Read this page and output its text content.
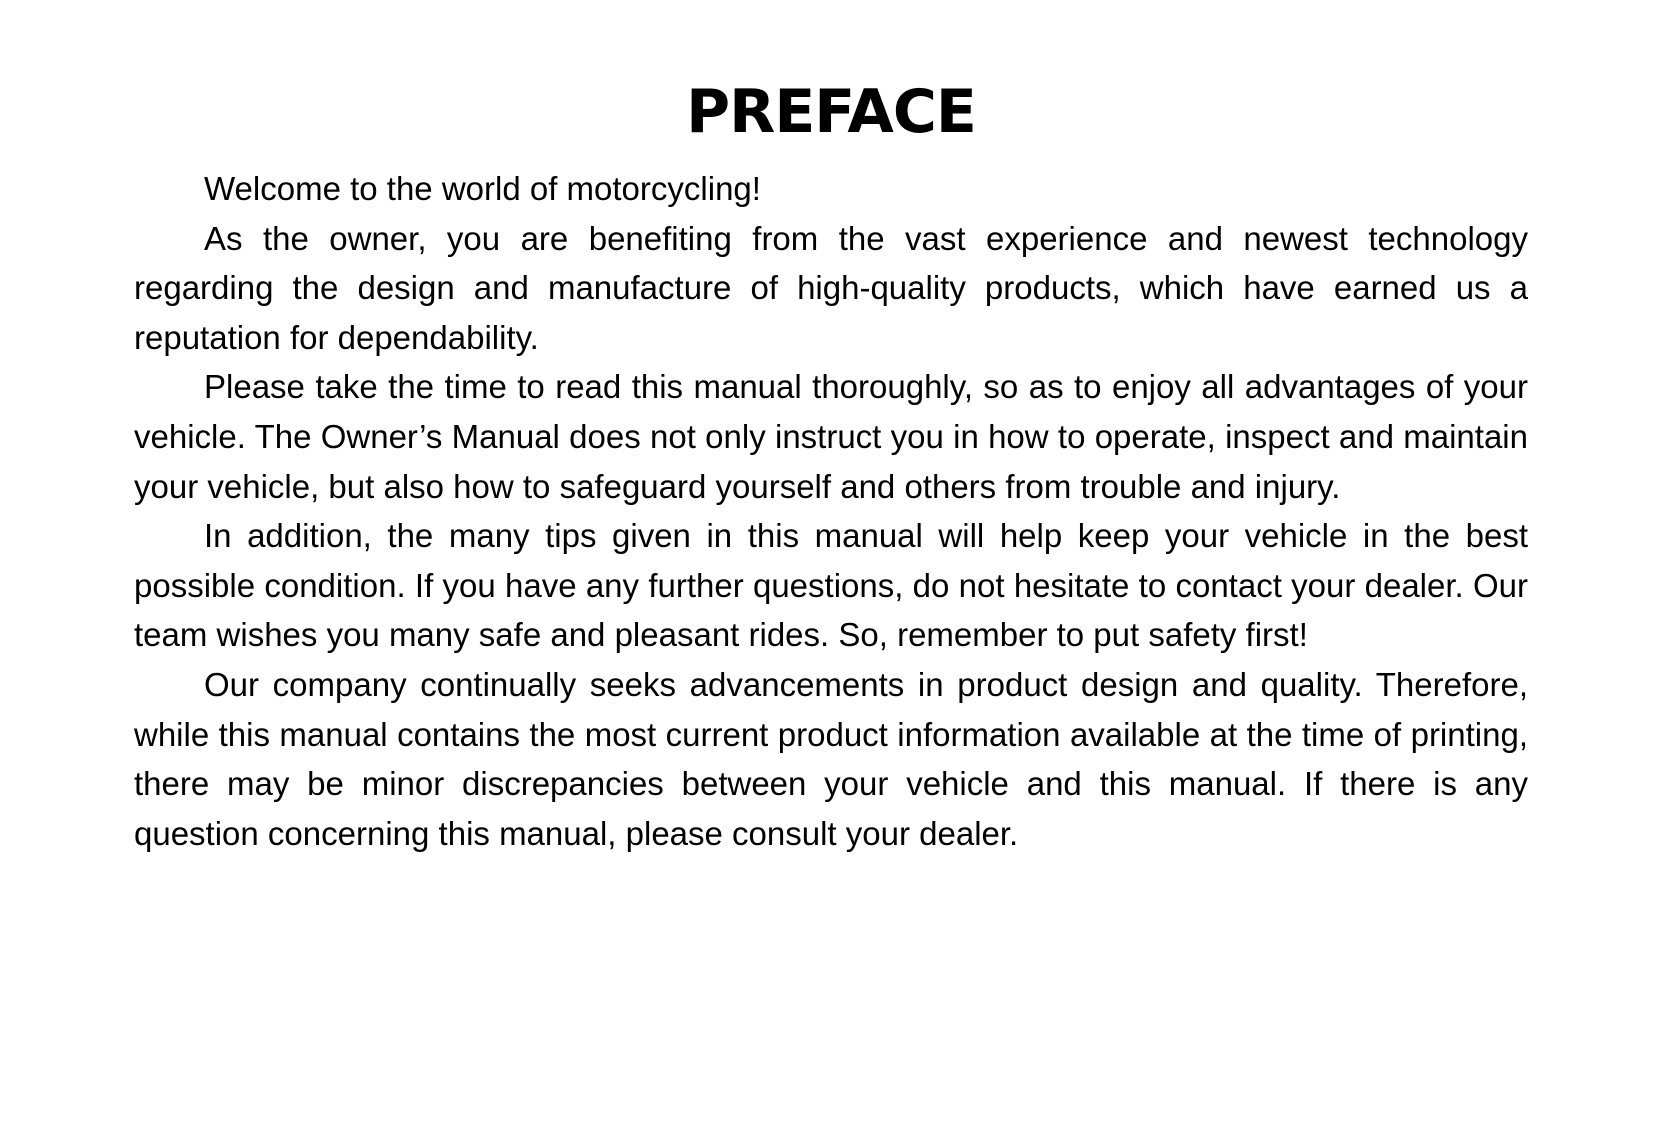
PREFACE

Welcome to the world of motorcycling!

As the owner, you are benefiting from the vast experience and newest technology regarding the design and manufacture of high-quality products, which have earned us a reputation for dependability.

Please take the time to read this manual thoroughly, so as to enjoy all advantages of your vehicle. The Owner’s Manual does not only instruct you in how to operate, inspect and maintain your vehicle, but also how to safeguard yourself and others from trouble and injury.

In addition, the many tips given in this manual will help keep your vehicle in the best possible condition. If you have any further questions, do not hesitate to contact your dealer. Our team wishes you many safe and pleasant rides. So, remember to put safety first!

Our company continually seeks advancements in product design and quality. Therefore, while this manual contains the most current product information available at the time of printing, there may be minor discrepancies between your vehicle and this manual. If there is any question concerning this manual, please consult your dealer.
